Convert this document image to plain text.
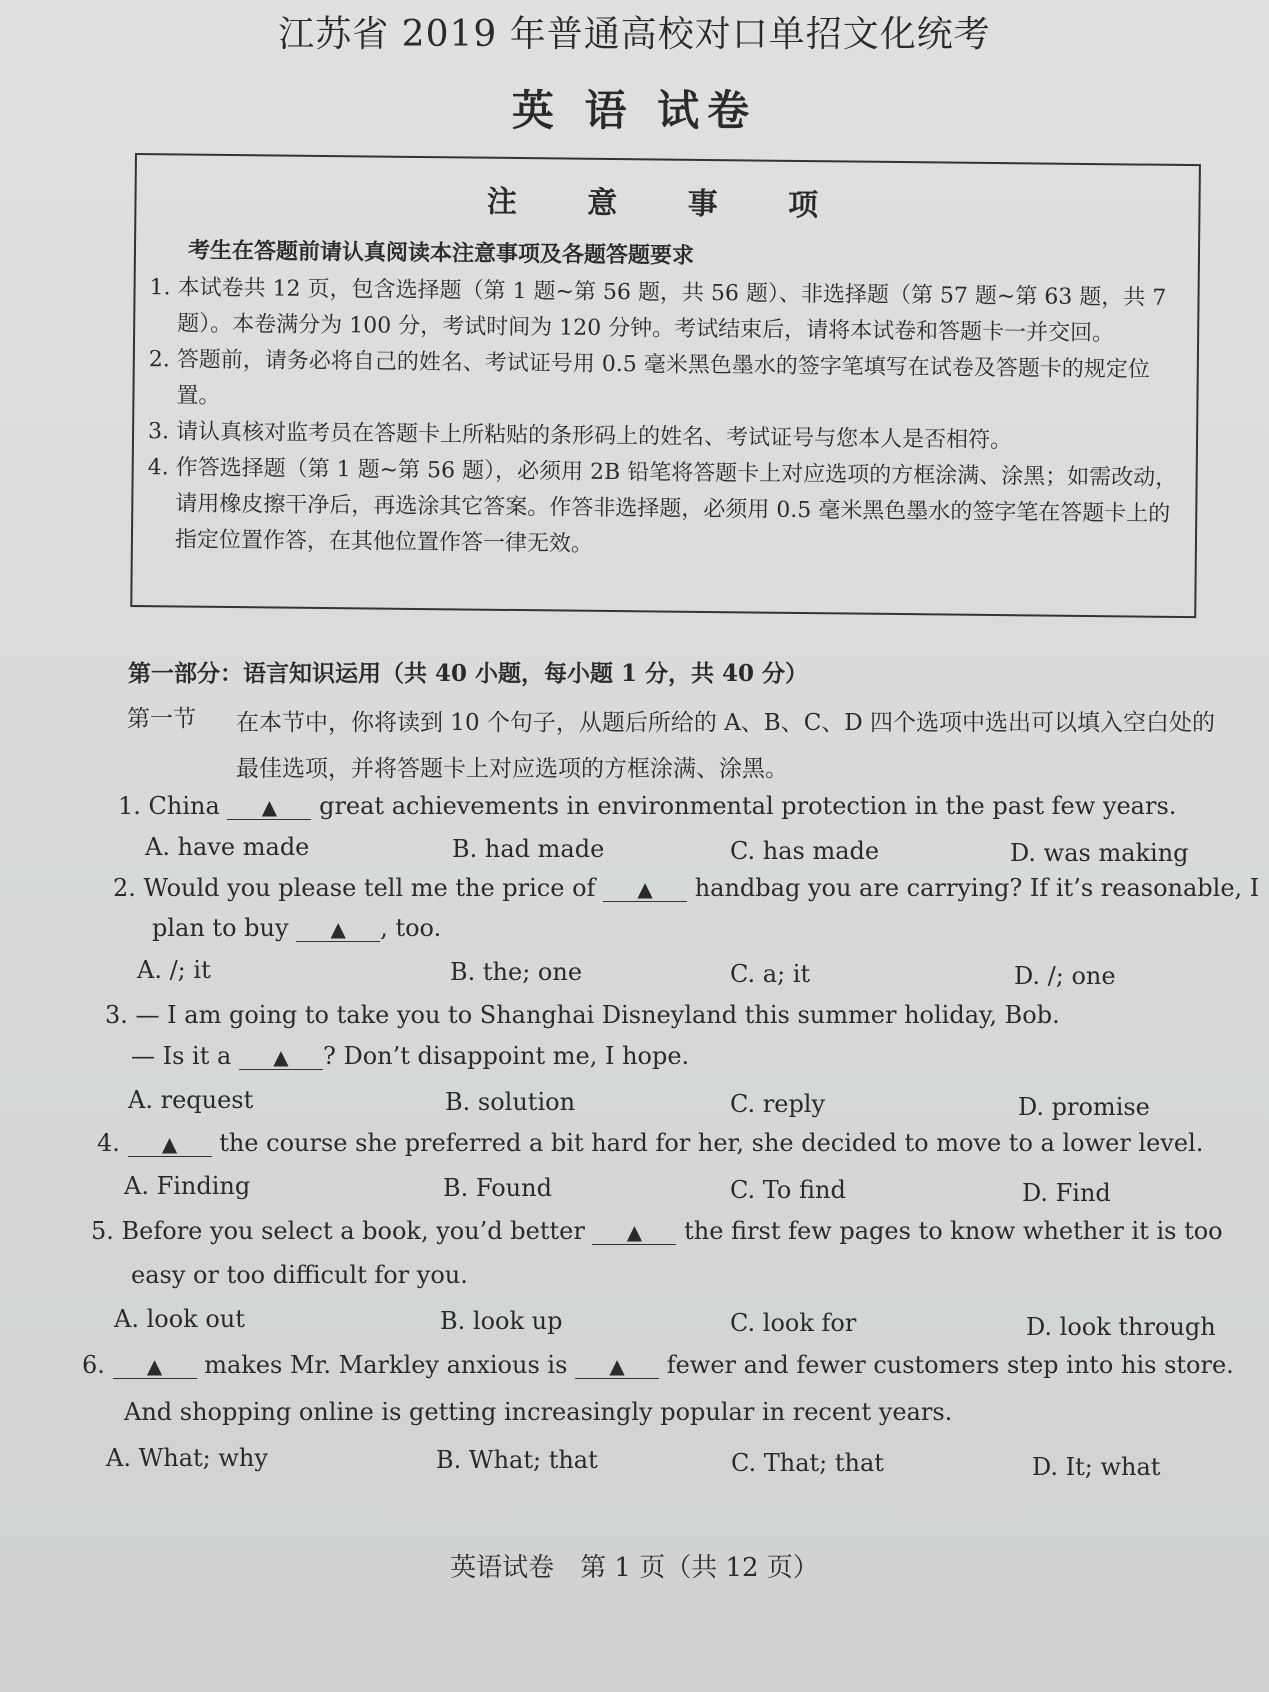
江苏省 2019 年普通高校对口单招文化统考
英 语 试卷
注 意 事 项
考生在答题前请认真阅读本注意事项及各题答题要求
1. 本试卷共 12 页，包含选择题（第 1 题~第 56 题，共 56 题）、非选择题（第 57 题~第 63 题，共 7 题）。本卷满分为 100 分，考试时间为 120 分钟。考试结束后，请将本试卷和答题卡一并交回。
2. 答题前，请务必将自己的姓名、考试证号用 0.5 毫米黑色墨水的签字笔填写在试卷及答题卡的规定位置。
3. 请认真核对监考员在答题卡上所粘贴的条形码上的姓名、考试证号与您本人是否相符。
4. 作答选择题（第 1 题~第 56 题），必须用 2B 铅笔将答题卡上对应选项的方框涂满、涂黑；如需改动，请用橡皮擦干净后，再选涂其它答案。作答非选择题，必须用 0.5 毫米黑色墨水的签字笔在答题卡上的指定位置作答，在其他位置作答一律无效。
第一部分：语言知识运用（共 40 小题，每小题 1 分，共 40 分）
第一节 在本节中，你将读到 10 个句子，从题后所给的 A、B、C、D 四个选项中选出可以填入空白处的最佳选项，并将答题卡上对应选项的方框涂满、涂黑。
1. China ▲ great achievements in environmental protection in the past few years.
A. have made	B. had made	C. has made	D. was making
2. Would you please tell me the price of ▲ handbag you are carrying? If it’s reasonable, I
plan to buy ▲ , too.
A. /; it	B. the; one	C. a; it	D. /; one
3. — I am going to take you to Shanghai Disneyland this summer holiday, Bob.
— Is it a ▲ ? Don’t disappoint me, I hope.
A. request	B. solution	C. reply	D. promise
4. ▲ the course she preferred a bit hard for her, she decided to move to a lower level.
A. Finding	B. Found	C. To find	D. Find
5. Before you select a book, you’d better ▲ the first few pages to know whether it is too
easy or too difficult for you.
A. look out	B. look up	C. look for	D. look through
6. ▲ makes Mr. Markley anxious is ▲ fewer and fewer customers step into his store.
And shopping online is getting increasingly popular in recent years.
A. What; why	B. What; that	C. That; that	D. It; what
英语试卷　第 1 页（共 12 页）
